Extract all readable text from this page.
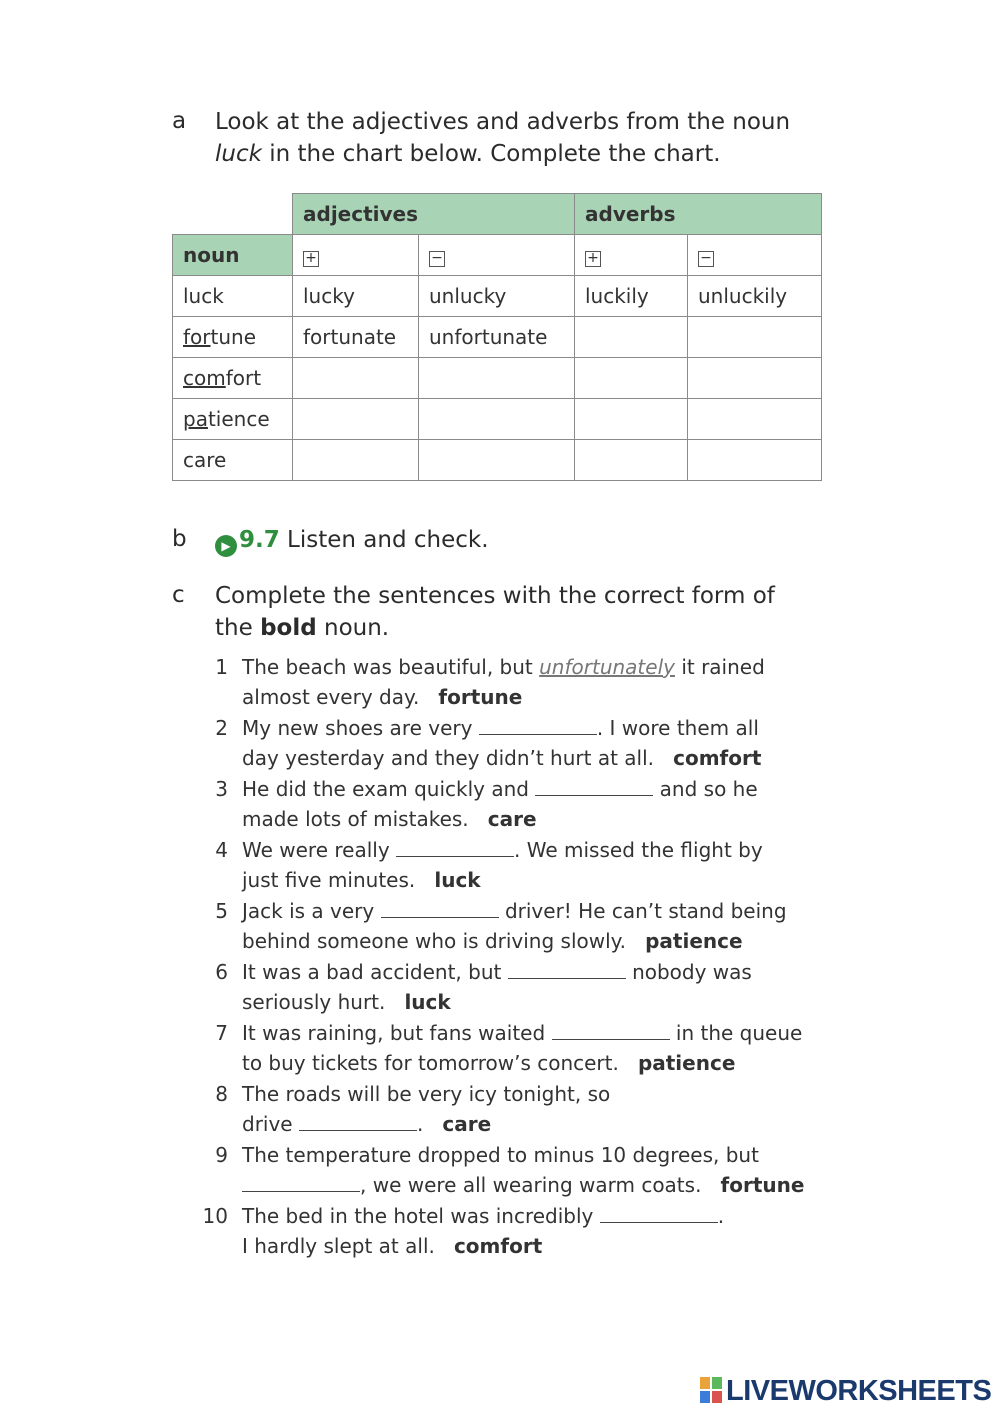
a Look at the adjectives and adverbs from the noun
luck in the chart below. Complete the chart.
	adjectives		adverbs	
noun	+	−	+	−
luck	lucky	unlucky	luckily	unluckily
fortune	fortunate	unfortunate		
comfort				
patience				
care				
b	▶ 9.7 Listen and check.
c Complete the sentences with the correct form of
the bold noun.
1 The beach was beautiful, but unfortunately it rained
almost every day. fortune
2 My new shoes are very	. I wore them all
day yesterday and they didn’t hurt at all. comfort
3 He did the exam quickly and	and so he
made lots of mistakes. care
4 We were really	. We missed the flight by
just five minutes. luck
5 Jack is a very	driver! He can’t stand being
behind someone who is driving slowly. patience
6 It was a bad accident, but	nobody was
seriously hurt. luck
7 It was raining, but fans waited	in the queue
to buy tickets for tomorrow’s concert. patience
8 The roads will be very icy tonight, so
drive	. care
9 The temperature dropped to minus 10 degrees, but
, we were all wearing warm coats. fortune
10 The bed in the hotel was incredibly	.
I hardly slept at all. comfort
LIVEWORKSHEETS
